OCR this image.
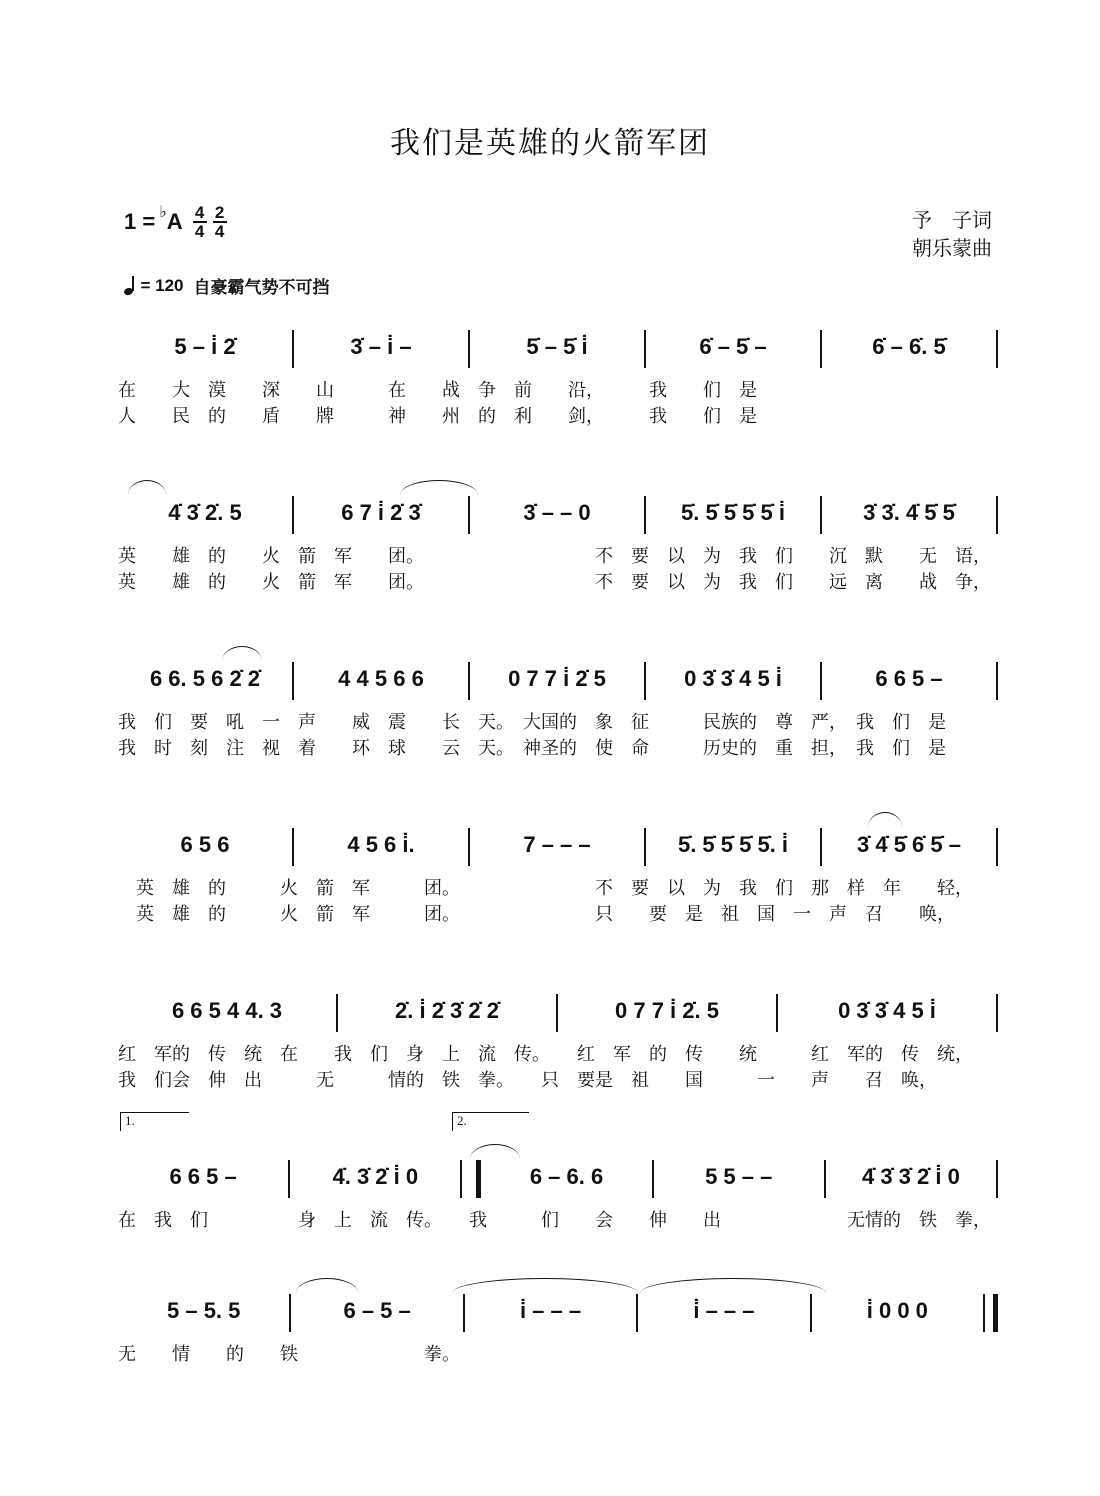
我们是英雄的火箭军团
1 = ♭ A 4
4
2
4	予　子词
朝乐蒙曲
= 120 自豪霸气势不可挡
5 – i̇ 2̇	3̇ – i̇ –	5̇ – 5̇ i̇	6̇ – 5̇ –	6̇ – 6̇. 5̇
在　　大　漠　　深　　山　　　在　　战　争　前　　沿，　　　我　　们　是
人　　民　的　　盾　　牌　　　神　　州　的　利　　剑，　　　我　　们　是
4̇ 3̇ 2̇. 5	6 7 i̇ 2̇ 3̇	3̇ – – 0	5̇. 5̇ 5̇ 5̇ 5̇ i̇	3̇ 3̇. 4̇ 5̇ 5̇
英　　雄　的　　火　箭　军　　团。　　　　　　　　　　不　要　以　为　我　们　　沉　默　　无　语，
英　　雄　的　　火　箭　军　　团。　　　　　　　　　　不　要　以　为　我　们　　远　离　　战　争，
6 6. 5 6 2̇ 2̇	4 4 5 6 6	0 7 7 i̇ 2̇ 5	0 3̇ 3̇ 4 5 i̇	6 6 5 –
我　们　要　吼　一　声　　威　震　　长　天。　大国的　象　征　　　民族的　尊　严，　我　们　是
我　时　刻　注　视　着　　环　球　　云　天。　神圣的　使　命　　　历史的　重　担，　我　们　是
6 5 6	4 5 6 i̇.	7 – – –	5̇. 5̇ 5̇ 5̇ 5̇. i̇	3̇ 4̇ 5̇ 6̇ 5̇ –
　英　雄　的　　　火　箭　军　　　团。　　　　　　　　不　要　以　为　我　们　那　样　年　　轻，
　英　雄　的　　　火　箭　军　　　团。　　　　　　　　只　　要　是　祖　国　一　声　召　　唤，
6 6 5 4 4. 3	2̇. i̇ 2̇ 3̇ 2̇ 2̇	0 7 7 i̇ 2̇. 5	0 3̇ 3̇ 4 5 i̇
红　军的　传　统　在　　我　们　身　上　流　传。　　红　军　的　传　　统　　　红　军的　传　统，
我　们会　伸　出　　　无　　　情的　铁　拳。　　只　要是　祖　　国　　　一　　声　　召　唤，
6 6 5 –	4̇. 3̇ 2̇ i̇ 0	6 – 6. 6	5 5 – –	4̇ 3̇ 3̇ 2̇ i̇ 0
1.	2.
在　我　们　　　　　身　上　流　传。　　我　　　们　　会　　伸　　出　　　　　　　无情的　铁　拳，
5 – 5. 5	6 – 5 –	i̇ – – –	i̇ – – –	i̇ 0 0 0
无　　情　　的　　铁　　　　　　　拳。
